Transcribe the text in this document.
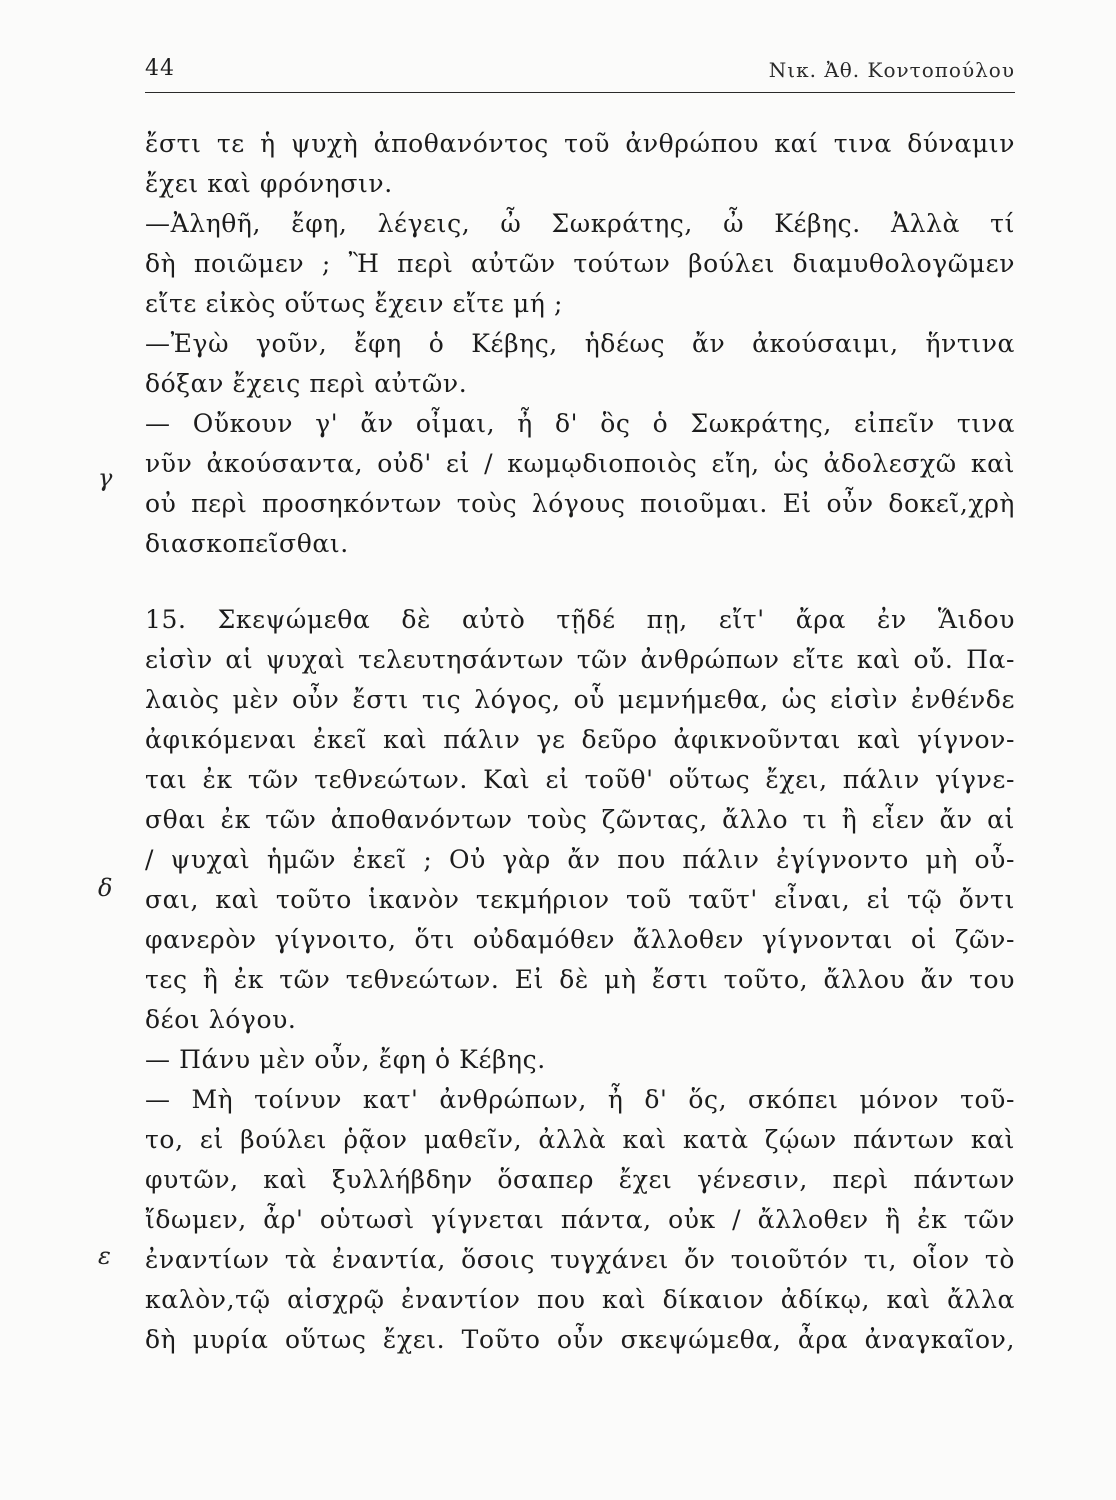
44	Νικ. Ἀθ. Κοντοπούλου
γ
δ
ε
ἔστι τε ἡ ψυχὴ ἀποθανόντος τοῦ ἀνθρώπου καί τινα δύναμιν
ἔχει καὶ φρόνησιν.
—Ἀληθῆ, ἔφη, λέγεις, ὦ Σωκράτης, ὦ Κέβης. Ἀλλὰ τί
δὴ ποιῶμεν ; Ἢ περὶ αὐτῶν τούτων βούλει διαμυθολογῶμεν
εἴτε εἰκὸς οὕτως ἔχειν εἴτε μή ;
—Ἐγὼ γοῦν, ἔφη ὁ Κέβης, ἡδέως ἄν ἀκούσαιμι, ἥντινα
δόξαν ἔχεις περὶ αὐτῶν.
— Οὔκουν γ' ἄν οἶμαι, ἦ δ' ὃς ὁ Σωκράτης, εἰπεῖν τινα
νῦν ἀκούσαντα, οὐδ' εἰ / κωμῳδιοποιὸς εἴη, ὡς ἀδολεσχῶ καὶ
οὐ περὶ προσηκόντων τοὺς λόγους ποιοῦμαι. Εἰ οὖν δοκεῖ,χρὴ
διασκοπεῖσθαι.
15. Σκεψώμεθα δὲ αὐτὸ τῇδέ πῃ, εἴτ' ἄρα ἐν Ἅιδου
εἰσὶν αἱ ψυχαὶ τελευτησάντων τῶν ἀνθρώπων εἴτε καὶ οὔ. Πα-
λαιὸς μὲν οὖν ἔστι τις λόγος, οὗ μεμνήμεθα, ὡς εἰσὶν ἐνθένδε
ἀφικόμεναι ἐκεῖ καὶ πάλιν γε δεῦρο ἀφικνοῦνται καὶ γίγνον-
ται ἐκ τῶν τεθνεώτων. Καὶ εἰ τοῦθ' οὕτως ἔχει, πάλιν γίγνε-
σθαι ἐκ τῶν ἀποθανόντων τοὺς ζῶντας, ἄλλο τι ἢ εἶεν ἄν αἱ
/ ψυχαὶ ἡμῶν ἐκεῖ ; Οὐ γὰρ ἄν που πάλιν ἐγίγνοντο μὴ οὖ-
σαι, καὶ τοῦτο ἱκανὸν τεκμήριον τοῦ ταῦτ' εἶναι, εἰ τῷ ὄντι
φανερὸν γίγνοιτο, ὅτι οὐδαμόθεν ἄλλοθεν γίγνονται οἱ ζῶν-
τες ἢ ἐκ τῶν τεθνεώτων. Εἰ δὲ μὴ ἔστι τοῦτο, ἄλλου ἄν του
δέοι λόγου.
— Πάνυ μὲν οὖν, ἔφη ὁ Κέβης.
— Μὴ τοίνυν κατ' ἀνθρώπων, ἦ δ' ὅς, σκόπει μόνον τοῦ-
το, εἰ βούλει ῥᾷον μαθεῖν, ἀλλὰ καὶ κατὰ ζῴων πάντων καὶ
φυτῶν, καὶ ξυλλήβδην ὅσαπερ ἔχει γένεσιν, περὶ πάντων
ἴδωμεν, ἆρ' οὑτωσὶ γίγνεται πάντα, οὐκ / ἄλλοθεν ἢ ἐκ τῶν
ἐναντίων τὰ ἐναντία, ὅσοις τυγχάνει ὄν τοιοῦτόν τι, οἷον τὸ
καλὸν,τῷ αἰσχρῷ ἐναντίον που καὶ δίκαιον ἀδίκῳ, καὶ ἄλλα
δὴ μυρία οὕτως ἔχει. Τοῦτο οὖν σκεψώμεθα, ἆρα ἀναγκαῖον,
